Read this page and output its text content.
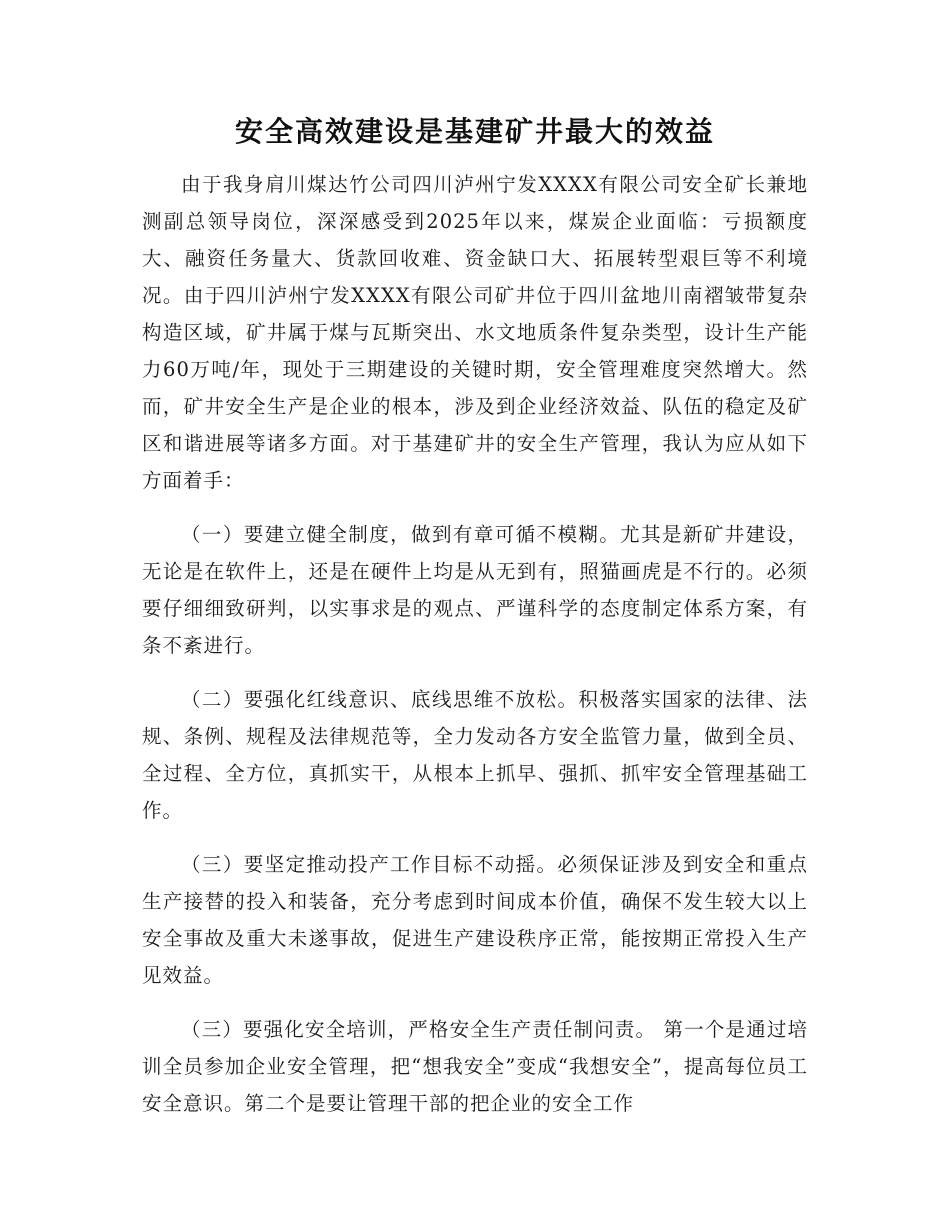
安全高效建设是基建矿井最大的效益

由于我身肩川煤达竹公司四川泸州宁发XXXX有限公司安全矿长兼地测副总领导岗位，深深感受到2025年以来，煤炭企业面临：亏损额度大、融资任务量大、货款回收难、资金缺口大、拓展转型艰巨等不利境况。由于四川泸州宁发XXXX有限公司矿井位于四川盆地川南褶皱带复杂构造区域，矿井属于煤与瓦斯突出、水文地质条件复杂类型，设计生产能力60万吨/年，现处于三期建设的关键时期，安全管理难度突然增大。然而，矿井安全生产是企业的根本，涉及到企业经济效益、队伍的稳定及矿区和谐进展等诸多方面。对于基建矿井的安全生产管理，我认为应从如下方面着手：

（一）要建立健全制度，做到有章可循不模糊。尤其是新矿井建设，无论是在软件上，还是在硬件上均是从无到有，照猫画虎是不行的。必须要仔细细致研判，以实事求是的观点、严谨科学的态度制定体系方案，有条不紊进行。

（二）要强化红线意识、底线思维不放松。积极落实国家的法律、法规、条例、规程及法律规范等，全力发动各方安全监管力量，做到全员、全过程、全方位，真抓实干，从根本上抓早、强抓、抓牢安全管理基础工作。

（三）要坚定推动投产工作目标不动摇。必须保证涉及到安全和重点生产接替的投入和装备，充分考虑到时间成本价值，确保不发生较大以上安全事故及重大未遂事故，促进生产建设秩序正常，能按期正常投入生产见效益。

（三）要强化安全培训，严格安全生产责任制问责。 第一个是通过培训全员参加企业安全管理，把“想我安全”变成“我想安全”，提高每位员工安全意识。第二个是要让管理干部的把企业的安全工作
